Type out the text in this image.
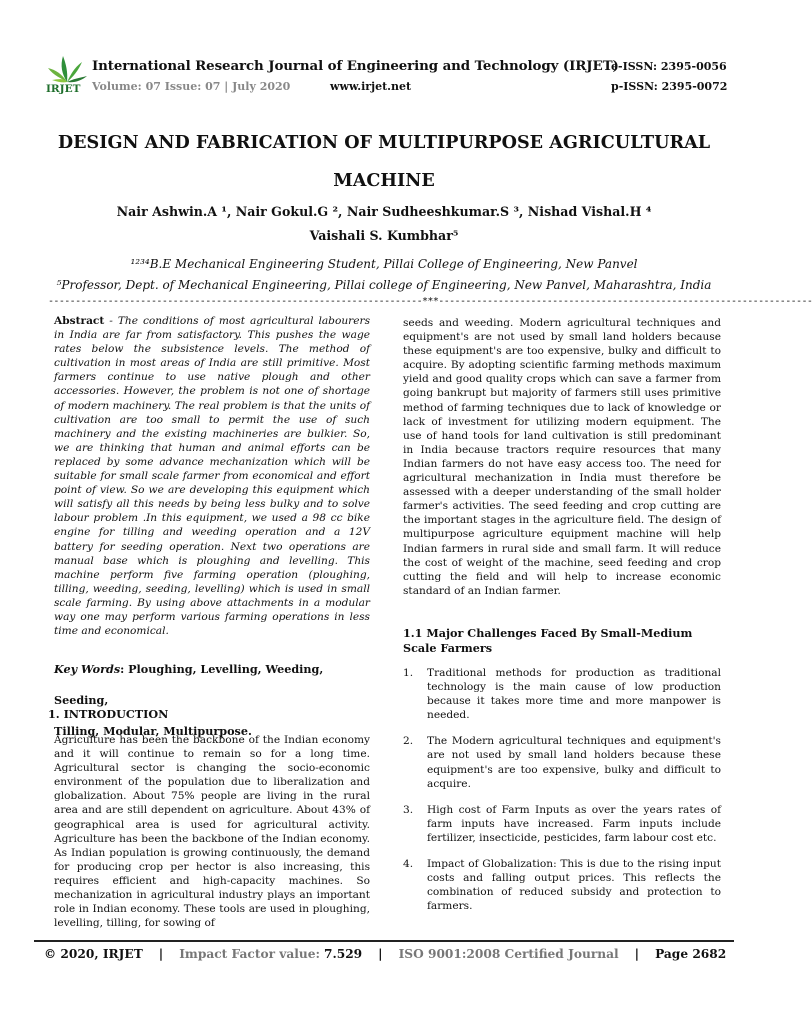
IRJET
International Research Journal of Engineering and Technology (IRJET)
Volume: 07 Issue: 07 | July 2020	www.irjet.net
e-ISSN: 2395-0056
p-ISSN: 2395-0072
DESIGN AND FABRICATION OF MULTIPURPOSE AGRICULTURAL
MACHINE
Nair Ashwin.A ¹, Nair Gokul.G ², Nair Sudheeshkumar.S ³, Nishad Vishal.H ⁴
Vaishali S. Kumbhar⁵
¹²³⁴B.E Mechanical Engineering Student, Pillai College of Engineering, New Panvel
⁵Professor, Dept. of Mechanical Engineering, Pillai college of Engineering, New Panvel, Maharashtra, India
---------------------------------------------------------------------***---------------------------------------------------------------------

Abstract - The conditions of most agricultural labourers in India are far from satisfactory. This pushes the wage rates below the subsistence levels. The method of cultivation in most areas of India are still primitive. Most farmers continue to use native plough and other accessories. However, the problem is not one of shortage of modern machinery. The real problem is that the units of cultivation are too small to permit the use of such machinery and the existing machineries are bulkier. So, we are thinking that human and animal efforts can be replaced by some advance mechanization which will be suitable for small scale farmer from economical and effort point of view. So we are developing this equipment which will satisfy all this needs by being less bulky and to solve labour problem .In this equipment, we used a 98 cc bike engine for tilling and weeding operation and a 12V battery for seeding operation. Next two operations are manual base which is ploughing and levelling. This machine perform five farming operation (ploughing, tilling, weeding, seeding, levelling) which is used in small scale farming. By using above attachments in a modular way one may perform various farming operations in less time and economical.

Key Words: Ploughing, Levelling, Weeding, Seeding,
Tilling, Modular, Multipurpose.
1. INTRODUCTION

Agriculture has been the backbone of the Indian economy and it will continue to remain so for a long time. Agricultural sector is changing the socio-economic environment of the population due to liberalization and globalization. About 75% people are living in the rural area and are still dependent on agriculture. About 43% of geographical area is used for agricultural activity. Agriculture has been the backbone of the Indian economy. As Indian population is growing continuously, the demand for producing crop per hector is also increasing, this requires efficient and high-capacity machines. So mechanization in agricultural industry plays an important role in Indian economy. These tools are used in ploughing, levelling, tilling, for sowing of

seeds and weeding. Modern agricultural techniques and equipment's are not used by small land holders because these equipment's are too expensive, bulky and difficult to acquire. By adopting scientific farming methods maximum yield and good quality crops which can save a farmer from going bankrupt but majority of farmers still uses primitive method of farming techniques due to lack of knowledge or lack of investment for utilizing modern equipment. The use of hand tools for land cultivation is still predominant in India because tractors require resources that many Indian farmers do not have easy access too. The need for agricultural mechanization in India must therefore be assessed with a deeper understanding of the small holder farmer's activities. The seed feeding and crop cutting are the important stages in the agriculture field. The design of multipurpose agriculture equipment machine will help Indian farmers in rural side and small farm. It will reduce the cost of weight of the machine, seed feeding and crop cutting the field and will help to increase economic standard of an Indian farmer.

1.1 Major Challenges Faced By Small-Medium Scale Farmers
1. Traditional methods for production as traditional technology is the main cause of low production because it takes more time and more manpower is needed.
2. The Modern agricultural techniques and equipment's are not used by small land holders because these equipment's are too expensive, bulky and difficult to acquire.
3. High cost of Farm Inputs as over the years rates of farm inputs have increased. Farm inputs include fertilizer, insecticide, pesticides, farm labour cost etc.
4. Impact of Globalization: This is due to the rising input costs and falling output prices. This reflects the combination of reduced subsidy and protection to farmers.
© 2020, IRJET | Impact Factor value:7.529 | ISO 9001:2008 Certified Journal | Page 2682
